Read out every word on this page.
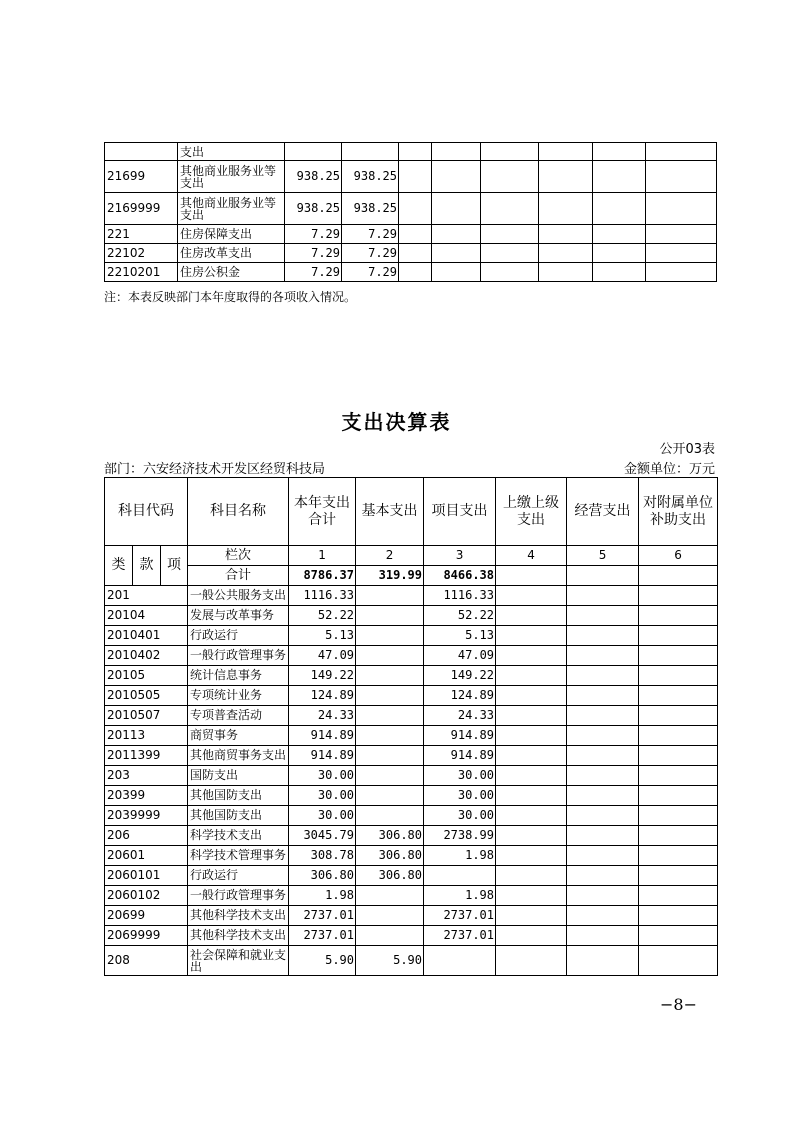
	支出								
21699	其他商业服务业等支出	938.25	938.25						
2169999	其他商业服务业等支出	938.25	938.25						
221	住房保障支出	7.29	7.29						
22102	住房改革支出	7.29	7.29						
2210201	住房公积金	7.29	7.29						
注：本表反映部门本年度取得的各项收入情况。
支出决算表
公开03表
部门：六安经济技术开发区经贸科技局	金额单位：万元
科目代码			科目名称	本年支出合计	基本支出	项目支出	上缴上级支出	经营支出	对附属单位补助支出
类	款	项	栏次	1	2	3	4	5	6
			合计	8786.37	319.99	8466.38			
201			一般公共服务支出	1116.33		1116.33			
20104			发展与改革事务	52.22		52.22			
2010401			行政运行	5.13		5.13			
2010402			一般行政管理事务	47.09		47.09			
20105			统计信息事务	149.22		149.22			
2010505			专项统计业务	124.89		124.89			
2010507			专项普查活动	24.33		24.33			
20113			商贸事务	914.89		914.89			
2011399			其他商贸事务支出	914.89		914.89			
203			国防支出	30.00		30.00			
20399			其他国防支出	30.00		30.00			
2039999			其他国防支出	30.00		30.00			
206			科学技术支出	3045.79	306.80	2738.99			
20601			科学技术管理事务	308.78	306.80	1.98			
2060101			行政运行	306.80	306.80				
2060102			一般行政管理事务	1.98		1.98			
20699			其他科学技术支出	2737.01		2737.01			
2069999			其他科学技术支出	2737.01		2737.01			
208			社会保障和就业支出	5.90	5.90				
−8−
